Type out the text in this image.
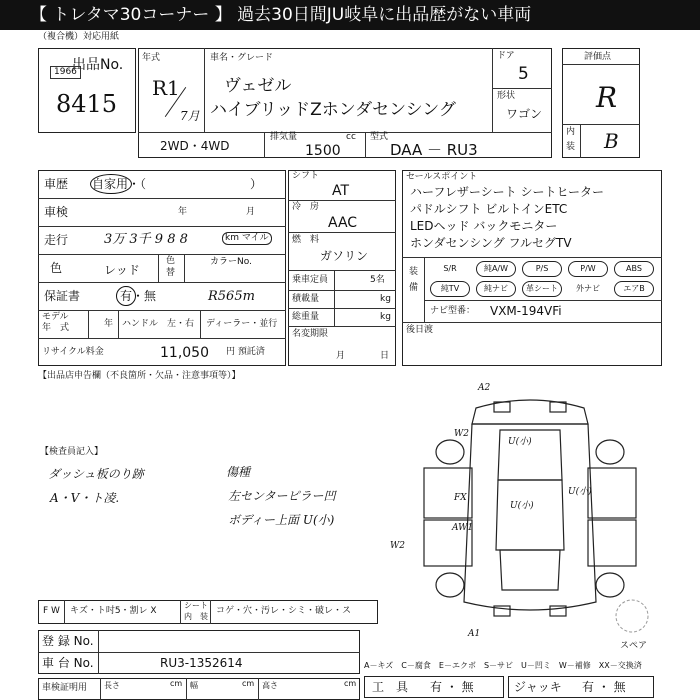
【 トレタマ30コーナー 】 過去30日間JU岐阜に出品歴がない車両
（複合機）対応用紙
出品No.
1966
8415
年式
R1
7月
車名・グレード
ヴェゼル
ハイブリッドZホンダセンシング
ドア
5
形状
ワゴン
2WD・4WD
排気量	cc
1500
型式
DAA － RU3
評価点
R
内
装 B
車歴 自家用・（	）
車検	年	月
走行	3万 3千 9 8 8	km マイル
色	レッド
色
替
カラーNo.
保証書	有・無	R565m
モデル
年　式	年 ハンドル　左・右 ディーラー・並行
リサイクル料金	11,050 円 預託済
シフト
AT
冷　房
AAC
燃　料
ガソリン
乗車定員	5名
積載量	kg
総重量	kg
名変期限
月	日
セールスポイント
ハーフレザーシート シートヒーター
パドルシフト ビルトインETC
LEDヘッド バックモニター
ホンダセンシング フルセグTV
装
備
S/R	純A/W	P/S	P/W	ABS
純TV	純ナビ	革シート	外ナビ	エアB
ナビ型番： VXM-194VFi
後日渡
【出品店申告欄（不良箇所・欠品・注意事項等）】
【検査員記入】
ダッシュ板のり跡
A・V・ト凌.
傷種
左センターピラー凹
ボディー上面 U(小)
A2
W2
U(小)
U(小)
FX
AW1
U(小)
W2
A1
スペア
F W キズ・ト吋5・割レ X
シート
内　装
コゲ・穴・汚レ・シミ・破レ・ス
登 録 No.
車 台 No.	RU3-1352614
車検証明用 長さ	cm 幅	cm 高さ	cm
A－キズ　C－腐食　E－エクボ　S－サビ　U－凹ミ　W－補修　XX－交換済
工　具 有 ・ 無	ジャッキ 有 ・ 無
